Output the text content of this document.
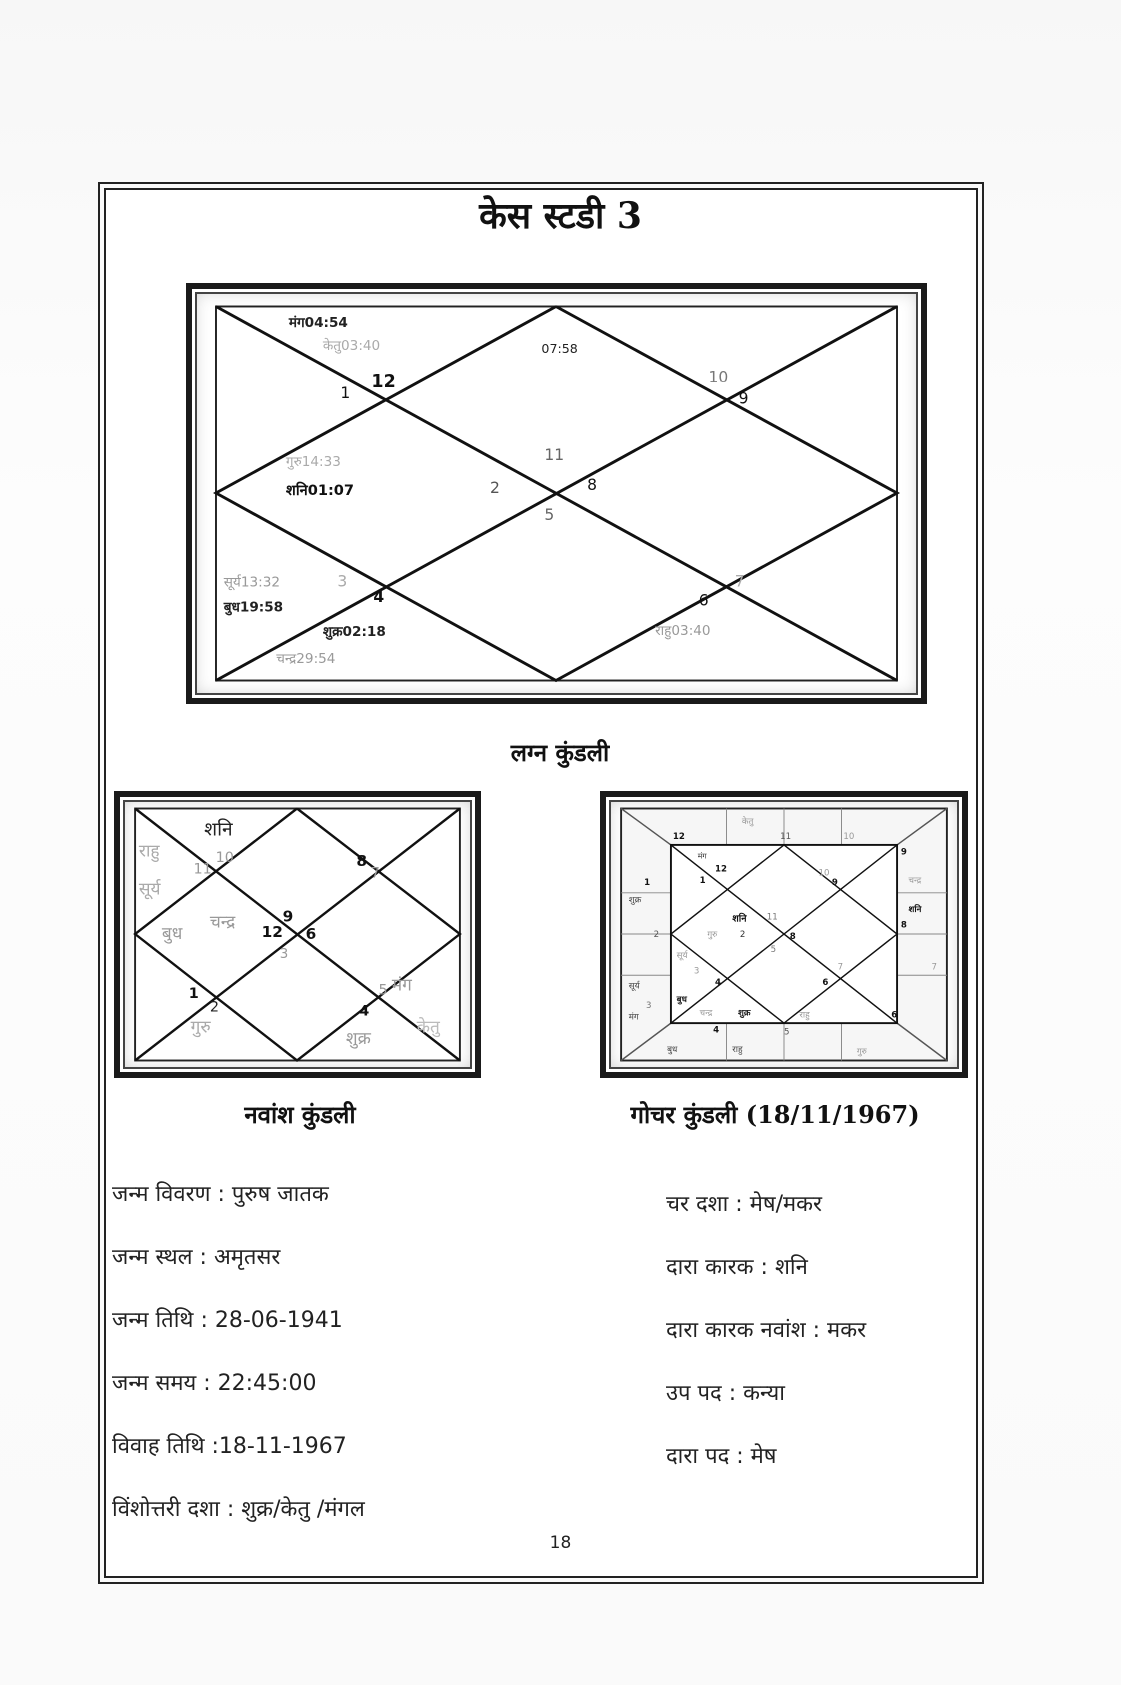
केस स्टडी 3
1
12
11
10
9
2	8
5
3
4	6
7
मंग04:54
केतु03:40	07:58
गुरु14:33
शनि01:07
सूर्य13:32
बुध19:58
शुक्र02:18
चन्द्र29:54
राहु03:40
लग्न कुंडली
शनि
राहु	10
11
सूर्य
बुध
चन्द्र	9
12 6
3
8
7
1
2
गुरु
4
5 मंग
शुक्र
केतु
नवांश कुंडली
केतु
12	11	10
9
चन्द्र
शनि
8
7
6
5
4
3
2
1
शुक्र
सूर्य
मंग
बुध	राहु	गुरु
शनि
गुरु	2
11
मंग
12
1
10
9
8
5
4
3
6
7
सूर्य
बुध
चन्द्र	शुक्र	राहु
गोचर कुंडली (18/11/1967)
जन्म विवरण : पुरुष जातक
जन्म स्थल : अमृतसर
जन्म तिथि : 28-06-1941
जन्म समय : 22:45:00
विवाह तिथि :18-11-1967
विंशोत्तरी दशा : शुक्र/केतु /मंगल
चर दशा : मेष/मकर
दारा कारक : शनि
दारा कारक नवांश : मकर
उप पद : कन्या
दारा पद : मेष
18
